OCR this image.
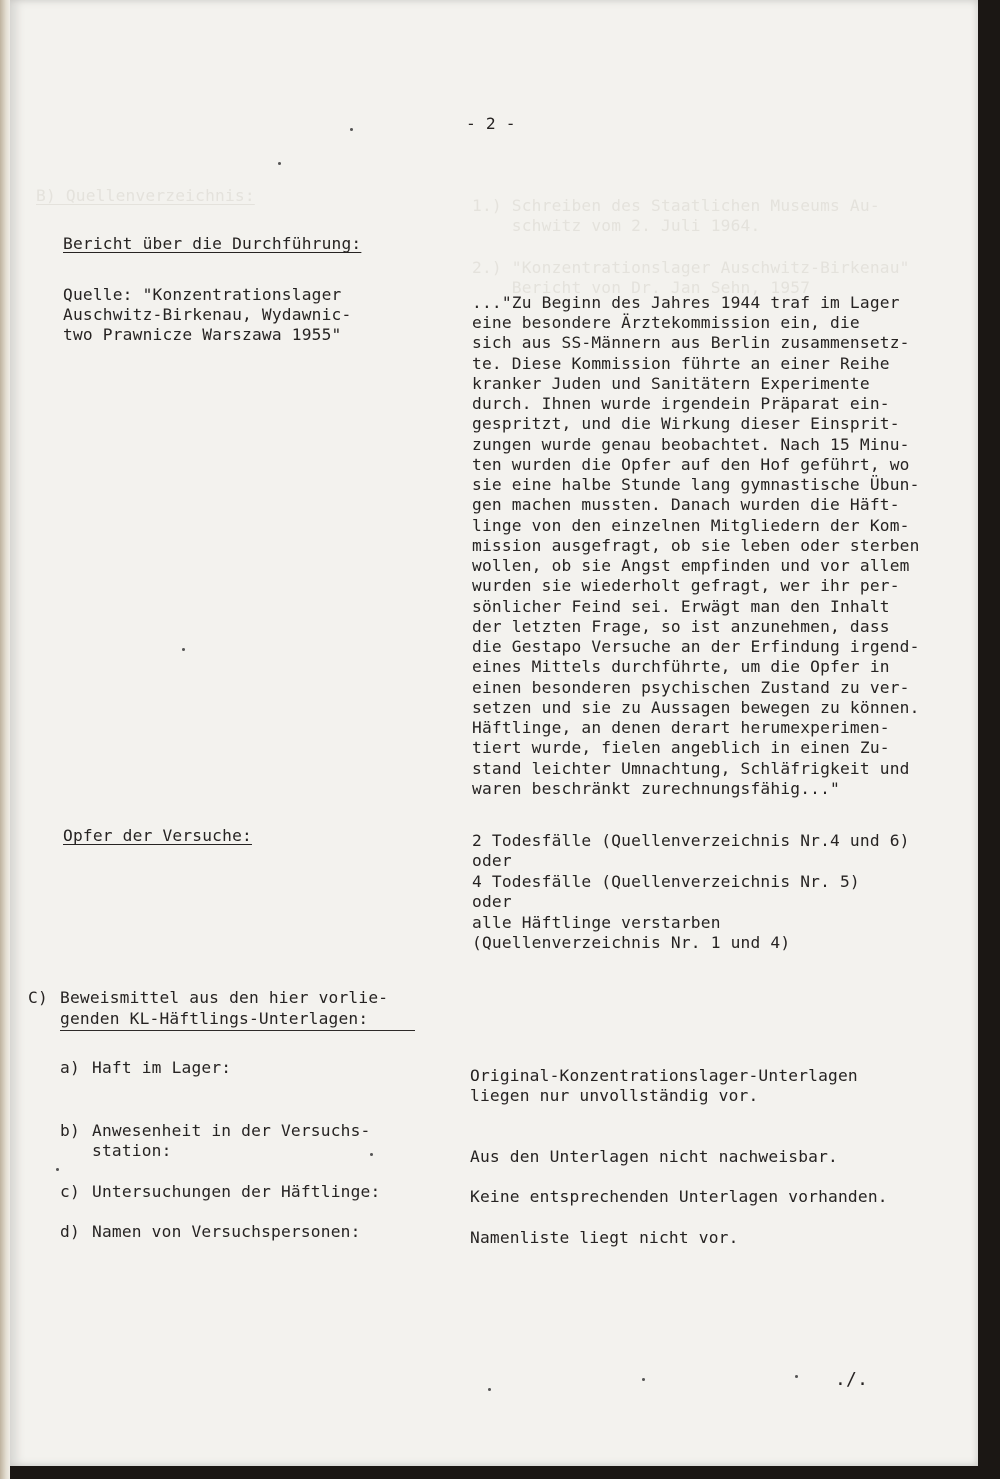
B) Quellenverzeichnis:

1.) Schreiben des Staatlichen Museums Au-

schwitz vom 2. Juli 1964.

2.) "Konzentrationslager Auschwitz-Birkenau"

Bericht von Dr. Jan Sehn, 1957

- 2 -

Bericht über die Durchführung:

Quelle: "Konzentrationslager

Auschwitz-Birkenau, Wydawnic-

two Prawnicze Warszawa 1955"

..."Zu Beginn des Jahres 1944 traf im Lager

eine besondere Ärztekommission ein, die

sich aus SS-Männern aus Berlin zusammensetz-

te. Diese Kommission führte an einer Reihe

kranker Juden und Sanitätern Experimente

durch. Ihnen wurde irgendein Präparat ein-

gespritzt, und die Wirkung dieser Einsprit-

zungen wurde genau beobachtet. Nach 15 Minu-

ten wurden die Opfer auf den Hof geführt, wo

sie eine halbe Stunde lang gymnastische Übun-

gen machen mussten. Danach wurden die Häft-

linge von den einzelnen Mitgliedern der Kom-

mission ausgefragt, ob sie leben oder sterben

wollen, ob sie Angst empfinden und vor allem

wurden sie wiederholt gefragt, wer ihr per-

sönlicher Feind sei. Erwägt man den Inhalt

der letzten Frage, so ist anzunehmen, dass

die Gestapo Versuche an der Erfindung irgend-

eines Mittels durchführte, um die Opfer in

einen besonderen psychischen Zustand zu ver-

setzen und sie zu Aussagen bewegen zu können.

Häftlinge, an denen derart herumexperimen-

tiert wurde, fielen angeblich in einen Zu-

stand leichter Umnachtung, Schläfrigkeit und

waren beschränkt zurechnungsfähig..."

Opfer der Versuche:	2 Todesfälle (Quellenverzeichnis Nr.4 und 6)

oder

4 Todesfälle (Quellenverzeichnis Nr. 5)

oder

alle Häftlinge verstarben

(Quellenverzeichnis Nr. 1 und 4)

C) Beweismittel aus den hier vorlie-

genden KL-Häftlings-Unterlagen:

a) Haft im Lager:	Original-Konzentrationslager-Unterlagen

liegen nur unvollständig vor.

b) Anwesenheit in der Versuchs-

station:	Aus den Unterlagen nicht nachweisbar.

c) Untersuchungen der Häftlinge:	Keine entsprechenden Unterlagen vorhanden.

d) Namen von Versuchspersonen:	Namenliste liegt nicht vor.

./.
